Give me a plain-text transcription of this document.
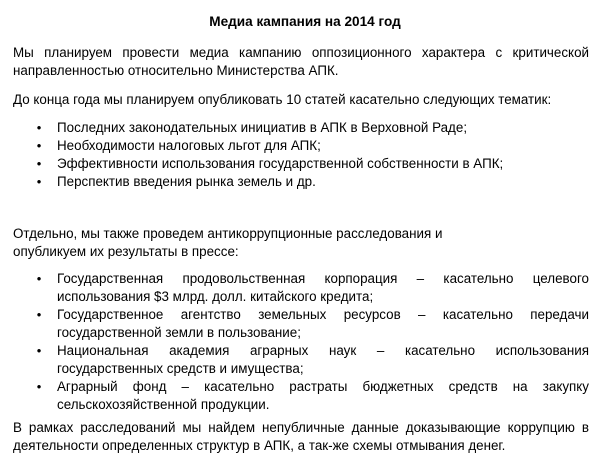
Медиа кампания на 2014 год

Мы планируем провести медиа кампанию оппозиционного характера с критической направленностью относительно Министерства АПК.

До конца года мы планируем опубликовать 10 статей касательно следующих тематик:

• Последних законодательных инициатив в АПК в Верховной Раде;
• Необходимости налоговых льгот для АПК;
• Эффективности использования государственной собственности в АПК;
• Перспектив введения рынка земель и др.

Отдельно, мы также проведем антикоррупционные расследования и опубликуем их результаты в прессе:

• Государственная продовольственная корпорация – касательно целевого использования $3 млрд. долл. китайского кредита;
• Государственное агентство земельных ресурсов – касательно передачи государственной земли в пользование;
• Национальная академия аграрных наук – касательно использования государственных средств и имущества;
• Аграрный фонд – касательно растраты бюджетных средств на закупку сельскохозяйственной продукции.

В рамках расследований мы найдем непубличные данные доказывающие коррупцию в деятельности определенных структур в АПК, а так-же схемы отмывания денег.
